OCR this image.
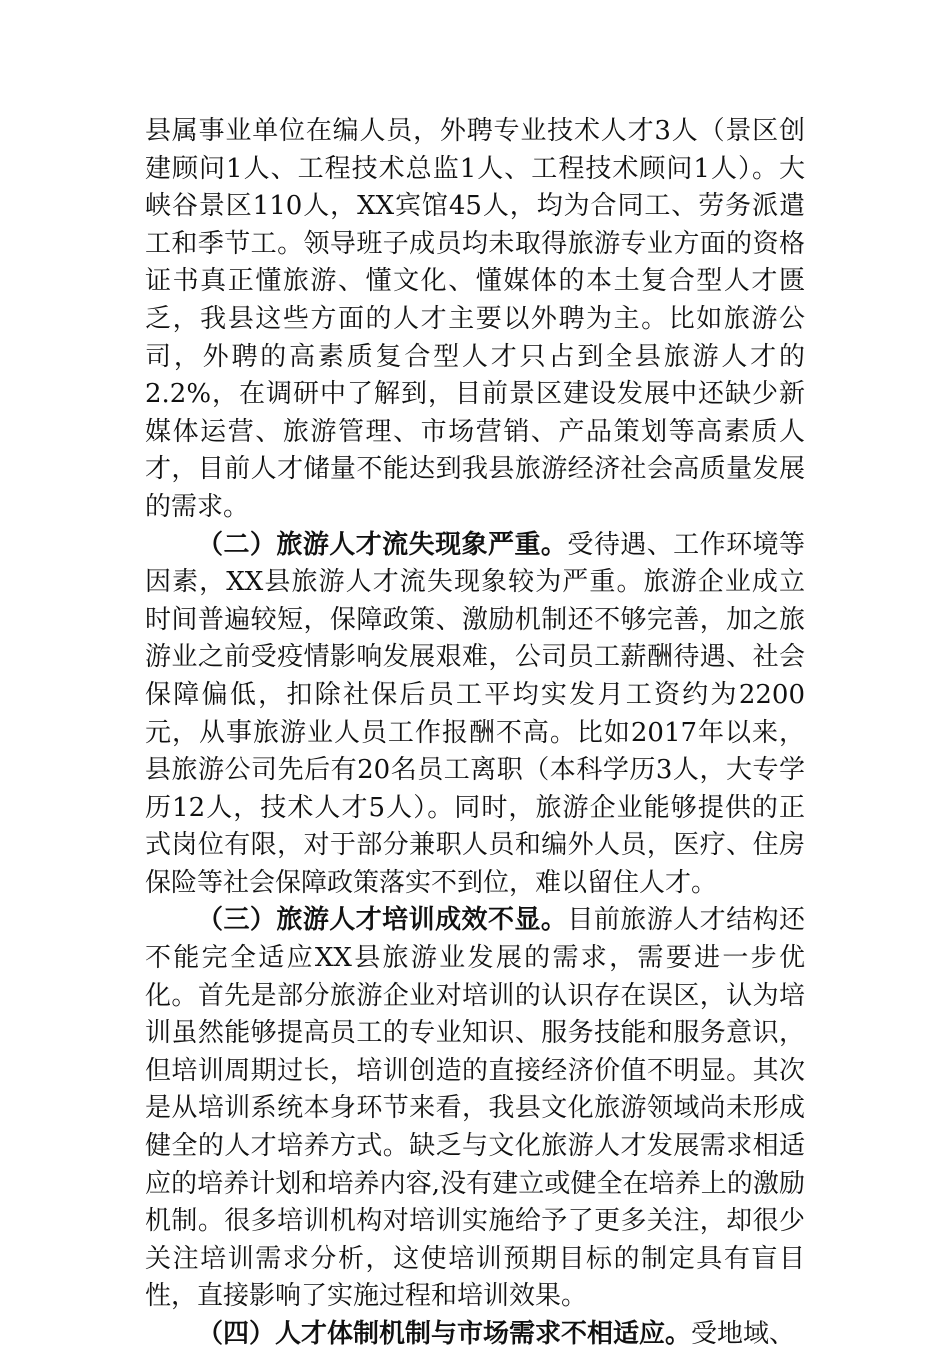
县属事业单位在编人员，外聘专业技术人才3人（景区创建顾问1人、工程技术总监1人、工程技术顾问1人）。大峡谷景区110人，XX宾馆45人，均为合同工、劳务派遣工和季节工。领导班子成员均未取得旅游专业方面的资格证书真正懂旅游、懂文化、懂媒体的本土复合型人才匮乏，我县这些方面的人才主要以外聘为主。比如旅游公司，外聘的高素质复合型人才只占到全县旅游人才的2.2%，在调研中了解到，目前景区建设发展中还缺少新媒体运营、旅游管理、市场营销、产品策划等高素质人才，目前人才储量不能达到我县旅游经济社会高质量发展的需求。

（二）旅游人才流失现象严重。受待遇、工作环境等因素，XX县旅游人才流失现象较为严重。旅游企业成立时间普遍较短，保障政策、激励机制还不够完善，加之旅游业之前受疫情影响发展艰难，公司员工薪酬待遇、社会保障偏低，扣除社保后员工平均实发月工资约为2200元，从事旅游业人员工作报酬不高。比如2017年以来，县旅游公司先后有20名员工离职（本科学历3人，大专学历12人，技术人才5人）。同时，旅游企业能够提供的正式岗位有限，对于部分兼职人员和编外人员，医疗、住房保险等社会保障政策落实不到位，难以留住人才。

（三）旅游人才培训成效不显。目前旅游人才结构还不能完全适应XX县旅游业发展的需求，需要进一步优化。首先是部分旅游企业对培训的认识存在误区，认为培训虽然能够提高员工的专业知识、服务技能和服务意识，但培训周期过长，培训创造的直接经济价值不明显。其次是从培训系统本身环节来看，我县文化旅游领域尚未形成健全的人才培养方式。缺乏与文化旅游人才发展需求相适应的培养计划和培养内容,没有建立或健全在培养上的激励机制。很多培训机构对培训实施给予了更多关注，却很少关注培训需求分析，这使培训预期目标的制定具有盲目性，直接影响了实施过程和培训效果。

（四）人才体制机制与市场需求不相适应。受地域、
